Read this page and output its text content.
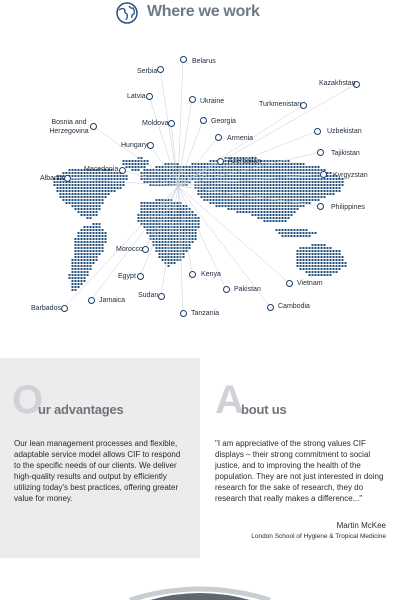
Where we work
Belarus
Serbia
Kazakhstan
Latvia
Ukraine	Turkmenistan
Bosnia and Herzegovina
Moldova	Georgia
Uzbekistan
Armenia
Hungary
Tajikistan
Azerbaijan
Macedonia
Kyrgyzstan
Albania
Philippines
Morocco
Egypt	Kenya
Vietnam
Pakistan
Sudan
Jamaica
Barbados	Cambodia
Tanzania
O
ur advantages
Our lean management processes and flexible, adaptable service model allows CIF to respond to the specific needs of our clients. We deliver high-quality results and output by efficiently utilizing today's best practices, offering greater value for money.
A
bout us
"I am appreciative of the strong values CIF displays – their strong commitment to social justice, and to improving the health of the population. They are not just interested in doing research for the sake of research, they do research that really makes a difference..."
Martin McKee
London School of Hygiene & Tropical Medicine
